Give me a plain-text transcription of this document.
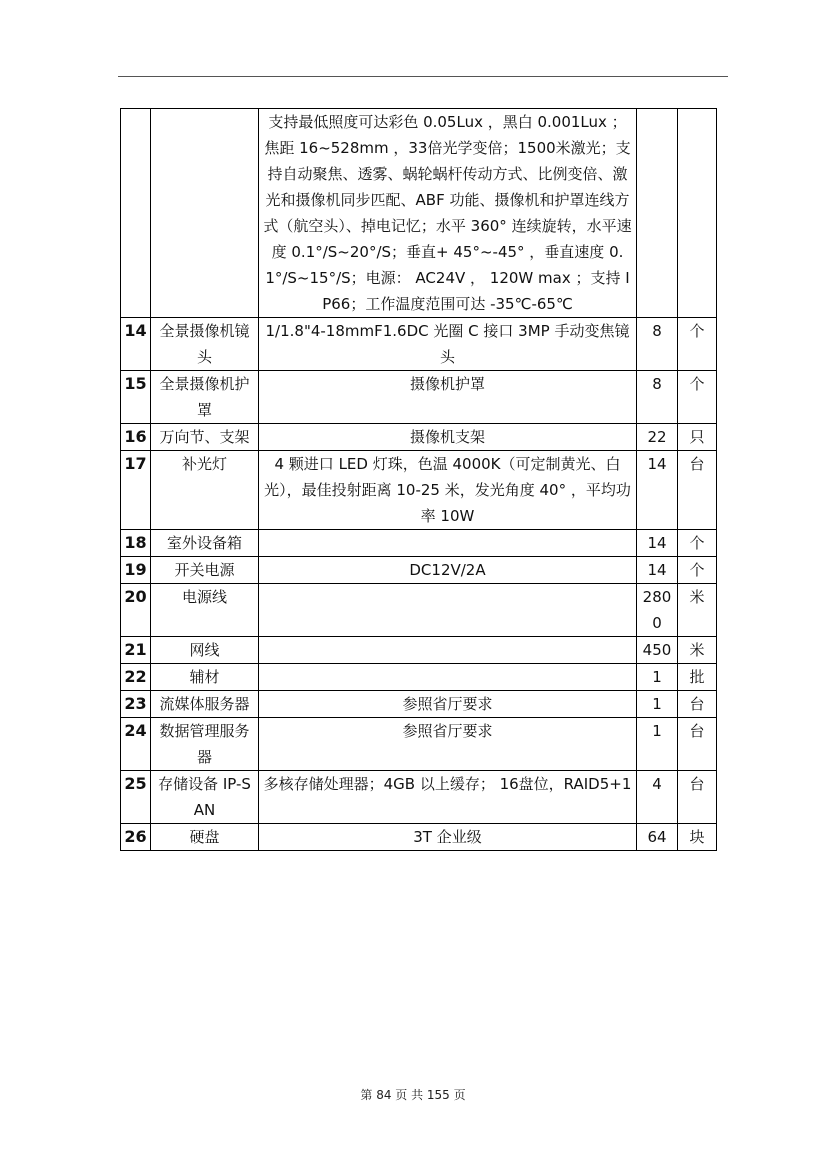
		支持最低照度可达彩色 0.05Lux ，黑白 0.001Lux ；焦距 16~528mm ，33倍光学变倍；1500米激光；支持自动聚焦、透雾、蜗轮蜗杆传动方式、比例变倍、激光和摄像机同步匹配、ABF 功能、摄像机和护罩连线方式（航空头）、掉电记忆；水平 360° 连续旋转，水平速度 0.1°/S~20°/S；垂直+ 45°~-45° ，垂直速度 0.1°/S~15°/S；电源： AC24V ， 120W max ；支持 IP66；工作温度范围可达 -35℃-65℃		
14	全景摄像机镜头	1/1.8"4-18mmF1.6DC 光圈 C 接口 3MP 手动变焦镜头	8	个
15	全景摄像机护罩	摄像机护罩	8	个
16	万向节、支架	摄像机支架	22	只
17	补光灯	4 颗进口 LED 灯珠，色温 4000K（可定制黄光、白光），最佳投射距离 10-25 米，发光角度 40° ，平均功率 10W	14	台
18	室外设备箱		14	个
19	开关电源	DC12V/2A	14	个
20	电源线		2800	米
21	网线		450	米
22	辅材		1	批
23	流媒体服务器	参照省厅要求	1	台
24	数据管理服务器	参照省厅要求	1	台
25	存储设备 IP-SAN	多核存储处理器；4GB 以上缓存； 16盘位，RAID5+1	4	台
26	硬盘	3T 企业级	64	块
第 84 页 共 155 页
